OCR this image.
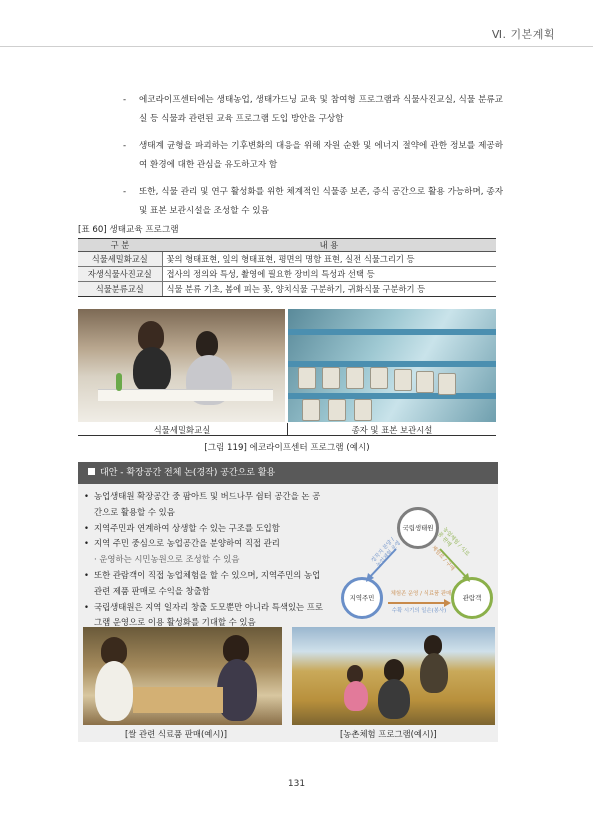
Ⅵ. 기본계획
- 에코라이프센터에는 생태농업, 생태가드닝 교육 및 참여형 프로그램과 식물사진교실, 식물 분류교실 등 식물과 관련된 교육 프로그램 도입 방안을 구상함
- 생태계 균형을 파괴하는 기후변화의 대응을 위해 자원 순환 및 에너지 절약에 관한 정보를 제공하여 환경에 대한 관심을 유도하고자 함
- 또한, 식물 관리 및 연구 활성화를 위한 체계적인 식물종 보존, 증식 공간으로 활용 가능하며, 종자 및 표본 보관시설을 조성할 수 있음
[표 60] 생태교육 프로그램
구 분	내 용
식물세밀화교실	꽃의 형태표현, 잎의 형태표현, 평면의 명함 표현, 실전 식물그리기 등
자생식물사진교실	접사의 정의와 특성, 촬영에 필요한 장비의 특성과 선택 등
식물분류교실	식물 분류 기초, 봄에 피는 꽃, 양치식물 구분하기, 귀화식물 구분하기 등
식물세밀화교실	종자 및 표본 보관시설
[그림 119] 에코라이프센터 프로그램 (예시)
대안 - 확장공간 전체 논(경작) 공간으로 활용
• 농업생태원 확장공간 중 팜아트 및 버드나무 쉼터 공간을 논 공간으로 활용할 수 있음
• 지역주민과 연계하여 상생할 수 있는 구조를 도입함
• 지역 주민 중심으로 농업공간을 분양하여 직접 관리
· 운영하는 시민농원으로 조성할 수 있음
• 또한 관람객이 직접 농업체험을 할 수 있으며, 지역주민의 농업 관련 제품 판매로 수익을 창출함
• 국립생태원은 지역 일자리 창출 도모뿐만 아니라 특색있는 프로그램 운영으로 이용 활성화를 기대할 수 있음
국립생태원
지역주민	관람객
경작지 분양 / 농업체험 운영	농업체험 / 식료품 판매
체험료 / 구매
체험존 운영 / 식료품 판매
수확 시기의 일손(봉사)
[쌀 관련 식료품 판매(예시)]	[농촌체험 프로그램(예시)]
131
